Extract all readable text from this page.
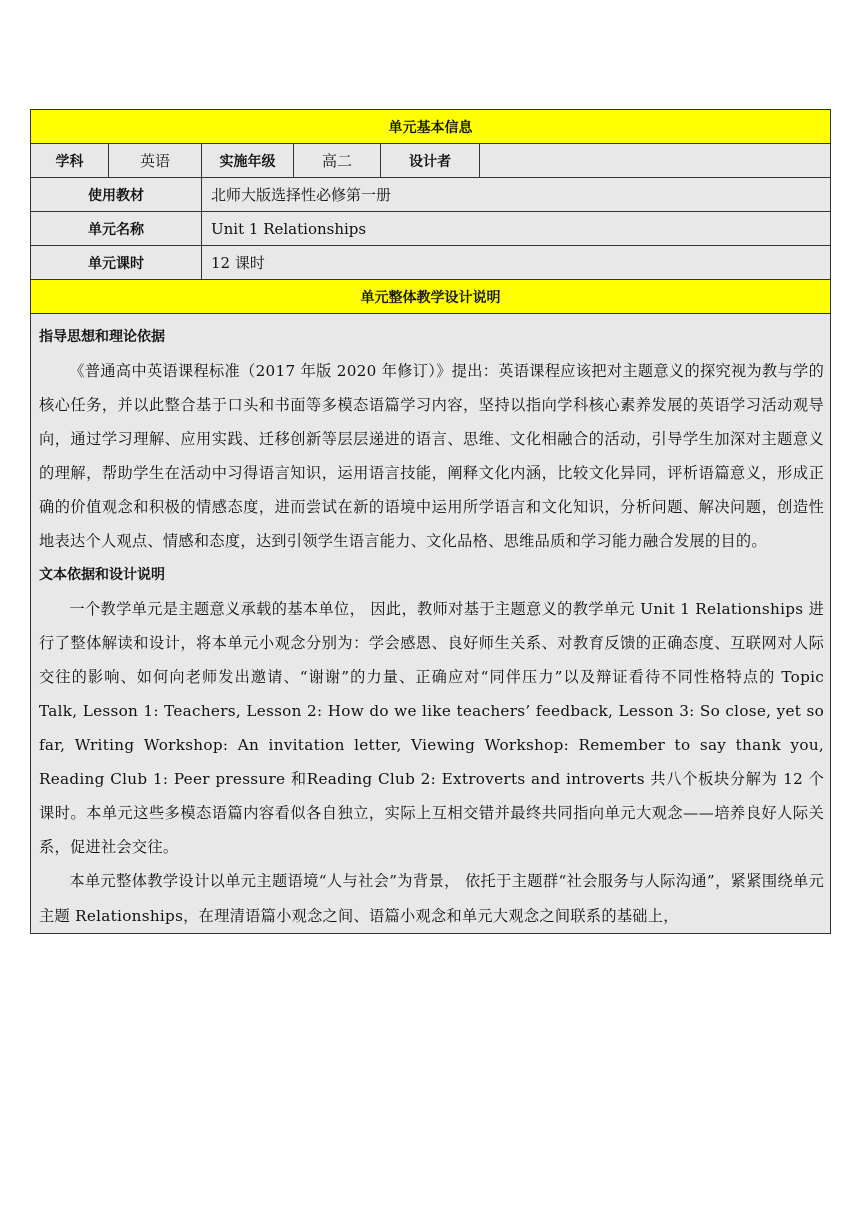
单元基本信息					
学科	英语	实施年级	高二	设计者	
使用教材		北师大版选择性必修第一册			
单元名称		Unit 1 Relationships			
单元课时		12 课时			
单元整体教学设计说明					

指导思想和理论依据

《普通高中英语课程标准（2017 年版 2020 年修订）》提出：英语课程应该把对主题意义的探究视为教与学的核心任务，并以此整合基于口头和书面等多模态语篇学习内容，坚持以指向学科核心素养发展的英语学习活动观导向，通过学习理解、应用实践、迁移创新等层层递进的语言、思维、文化相融合的活动，引导学生加深对主题意义的理解，帮助学生在活动中习得语言知识，运用语言技能，阐释文化内涵，比较文化异同，评析语篇意义，形成正确的价值观念和积极的情感态度，进而尝试在新的语境中运用所学语言和文化知识，分析问题、解决问题，创造性地表达个人观点、情感和态度，达到引领学生语言能力、文化品格、思维品质和学习能力融合发展的目的。

文本依据和设计说明

一个教学单元是主题意义承载的基本单位， 因此，教师对基于主题意义的教学单元 Unit 1 Relationships 进行了整体解读和设计，将本单元小观念分别为：学会感恩、良好师生关系、对教育反馈的正确态度、互联网对人际交往的影响、如何向老师发出邀请、“谢谢”的力量、正确应对“同伴压力”以及辩证看待不同性格特点的 Topic Talk, Lesson 1: Teachers, Lesson 2: How do we like teachers’ feedback, Lesson 3: So close, yet so far, Writing Workshop: An invitation letter, Viewing Workshop: Remember to say thank you, Reading Club 1: Peer pressure 和Reading Club 2: Extroverts and introverts 共八个板块分解为 12 个课时。本单元这些多模态语篇内容看似各自独立，实际上互相交错并最终共同指向单元大观念——培养良好人际关系，促进社会交往。

本单元整体教学设计以单元主题语境“人与社会”为背景， 依托于主题群“社会服务与人际沟通”，紧紧围绕单元主题 Relationships，在理清语篇小观念之间、语篇小观念和单元大观念之间联系的基础上，					
